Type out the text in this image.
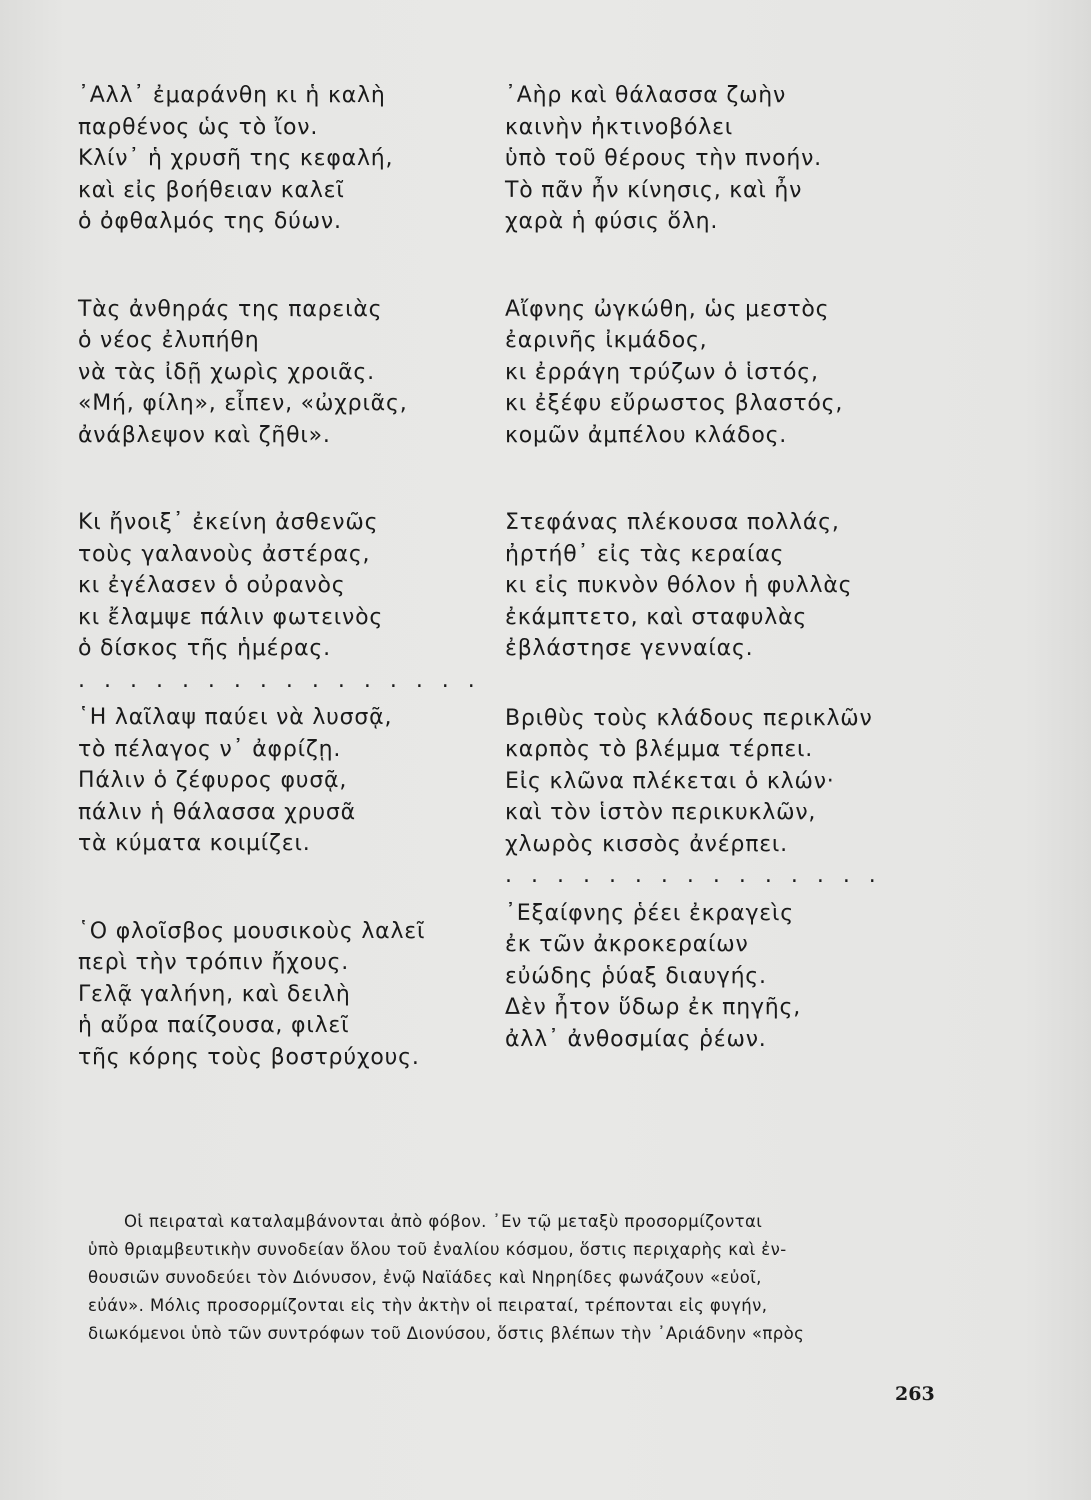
᾿Αλλ᾿ ἐμαράνθη κι ἡ καλὴ
παρθένος ὡς τὸ ἴον.
Κλίν᾿ ἡ χρυσῆ της κεφαλή,
καὶ εἰς βοήθειαν καλεῖ
ὁ ὀφθαλμός της δύων.
Τὰς ἀνθηράς της παρειὰς
ὁ νέος ἐλυπήθη
νὰ τὰς ἰδῇ χωρὶς χροιᾶς.
«Μή, φίλη», εἶπεν, «ὠχριᾶς,
ἀνάβλεψον καὶ ζῆθι».
Κι ἤνοιξ᾿ ἐκείνη ἀσθενῶς
τοὺς γαλανοὺς ἀστέρας,
κι ἐγέλασεν ὁ οὐρανὸς
κι ἔλαμψε πάλιν φωτεινὸς
ὁ δίσκος τῆς ἡμέρας.
. . . . . . . . . . . . . . . .
῾Η λαῖλαψ παύει νὰ λυσσᾷ,
τὸ πέλαγος ν᾿ ἀφρίζῃ.
Πάλιν ὁ ζέφυρος φυσᾷ,
πάλιν ἡ θάλασσα χρυσᾶ
τὰ κύματα κοιμίζει.
῾Ο φλοῖσβος μουσικοὺς λαλεῖ
περὶ τὴν τρόπιν ἤχους.
Γελᾷ γαλήνη, καὶ δειλὴ
ἡ αὔρα παίζουσα, φιλεῖ
τῆς κόρης τοὺς βοστρύχους.
᾿Αὴρ καὶ θάλασσα ζωὴν
καινὴν ἠκτινοβόλει
ὑπὸ τοῦ θέρους τὴν πνοήν.
Τὸ πᾶν ἦν κίνησις, καὶ ἦν
χαρὰ ἡ φύσις ὅλη.
Αἴφνης ὠγκώθη, ὡς μεστὸς
ἐαρινῆς ἰκμάδος,
κι ἐρράγη τρύζων ὁ ἱστός,
κι ἐξέφυ εὔρωστος βλαστός,
κομῶν ἀμπέλου κλάδος.
Στεφάνας πλέκουσα πολλάς,
ἠρτήθ᾿ εἰς τὰς κεραίας
κι εἰς πυκνὸν θόλον ἡ φυλλὰς
ἐκάμπτετο, καὶ σταφυλὰς
ἐβλάστησε γενναίας.
Βριθὺς τοὺς κλάδους περικλῶν
καρπὸς τὸ βλέμμα τέρπει.
Εἰς κλῶνα πλέκεται ὁ κλών·
καὶ τὸν ἱστὸν περικυκλῶν,
χλωρὸς κισσὸς ἀνέρπει.
. . . . . . . . . . . . . . .
᾿Εξαίφνης ῥέει ἐκραγεὶς
ἐκ τῶν ἀκροκεραίων
εὐώδης ῥύαξ διαυγής.
Δὲν ἦτον ὕδωρ ἐκ πηγῆς,
ἀλλ᾿ ἀνθοσμίας ῥέων.
Οἱ πειραταὶ καταλαμβάνονται ἀπὸ φόβον. ᾿Εν τῷ μεταξὺ προσορμίζονται
ὑπὸ θριαμβευτικὴν συνοδείαν ὅλου τοῦ ἐναλίου κόσμου, ὅστις περιχαρὴς καὶ ἐν-
θουσιῶν συνοδεύει τὸν Διόνυσον, ἐνῷ Ναϊάδες καὶ Νηρηίδες φωνάζουν «εὐοῖ,
εὐάν». Μόλις προσορμίζονται εἰς τὴν ἀκτὴν οἱ πειραταί, τρέπονται εἰς φυγήν,
διωκόμενοι ὑπὸ τῶν συντρόφων τοῦ Διονύσου, ὅστις βλέπων τὴν ᾿Αριάδνην «πρὸς
263
